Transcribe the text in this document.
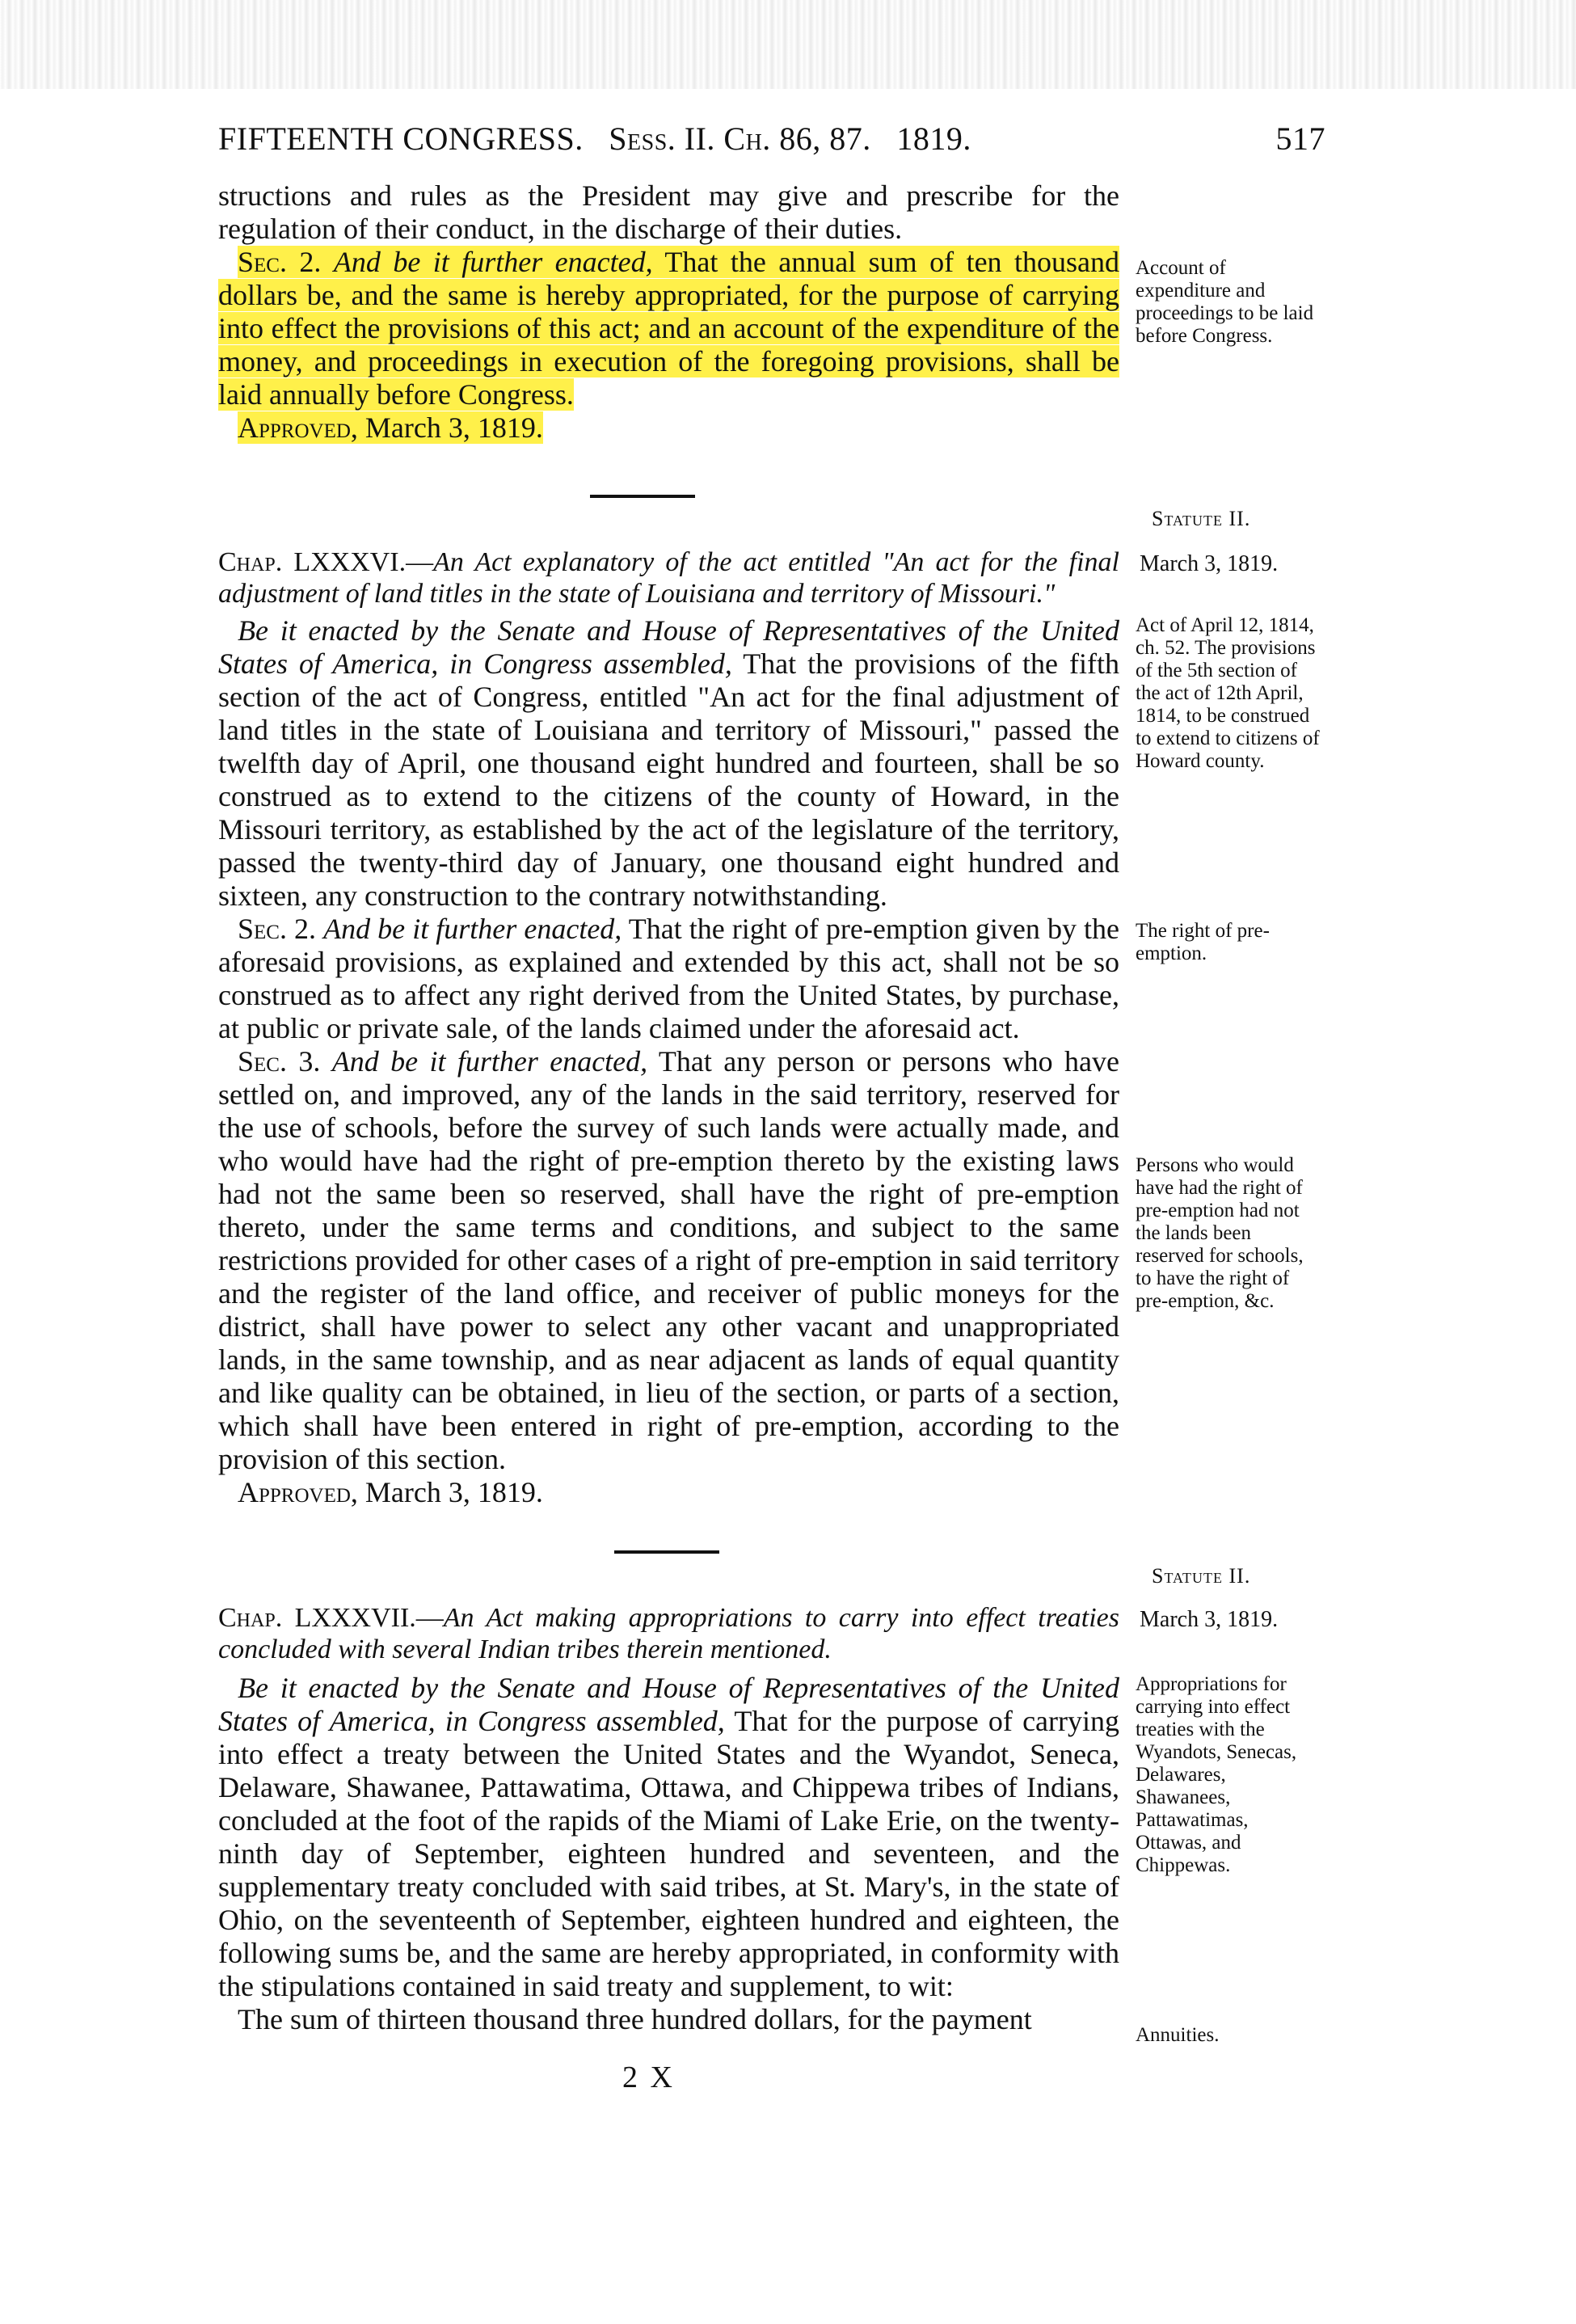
FIFTEENTH CONGRESS. Sess. II. Ch. 86, 87. 1819.	517

structions and rules as the President may give and prescribe for the regulation of their conduct, in the discharge of their duties.

Sec. 2. And be it further enacted, That the annual sum of ten thousand dollars be, and the same is hereby appropriated, for the purpose of carrying into effect the provisions of this act; and an account of the expenditure of the money, and proceedings in execution of the foregoing provisions, shall be laid annually before Congress.

Approved, March 3, 1819.

Account of expenditure and proceedings to be laid before Congress.
Statute II.
Chap. LXXXVI.—An Act explanatory of the act entitled "An act for the final adjustment of land titles in the state of Louisiana and territory of Missouri."
March 3, 1819.

Be it enacted by the Senate and House of Representatives of the United States of America, in Congress assembled, That the provisions of the fifth section of the act of Congress, entitled "An act for the final adjustment of land titles in the state of Louisiana and territory of Missouri," passed the twelfth day of April, one thousand eight hundred and fourteen, shall be so construed as to extend to the citizens of the county of Howard, in the Missouri territory, as established by the act of the legislature of the territory, passed the twenty-third day of January, one thousand eight hundred and sixteen, any construction to the contrary notwithstanding.

Sec. 2. And be it further enacted, That the right of pre-emption given by the aforesaid provisions, as explained and extended by this act, shall not be so construed as to affect any right derived from the United States, by purchase, at public or private sale, of the lands claimed under the aforesaid act.

Sec. 3. And be it further enacted, That any person or persons who have settled on, and improved, any of the lands in the said territory, reserved for the use of schools, before the survey of such lands were actually made, and who would have had the right of pre-emption thereto by the existing laws had not the same been so reserved, shall have the right of pre-emption thereto, under the same terms and conditions, and subject to the same restrictions provided for other cases of a right of pre-emption in said territory and the register of the land office, and receiver of public moneys for the district, shall have power to select any other vacant and unappropriated lands, in the same township, and as near adjacent as lands of equal quantity and like quality can be obtained, in lieu of the section, or parts of a section, which shall have been entered in right of pre-emption, according to the provision of this section.

Approved, March 3, 1819.

Act of April 12, 1814, ch. 52. The provisions of the 5th section of the act of 12th April, 1814, to be construed to extend to citizens of Howard county.
The right of pre-emption.
Persons who would have had the right of pre-emption had not the lands been reserved for schools, to have the right of pre-emption, &c.
Statute II.
Chap. LXXXVII.—An Act making appropriations to carry into effect treaties concluded with several Indian tribes therein mentioned.
March 3, 1819.

Be it enacted by the Senate and House of Representatives of the United States of America, in Congress assembled, That for the purpose of carrying into effect a treaty between the United States and the Wyandot, Seneca, Delaware, Shawanee, Pattawatima, Ottawa, and Chippewa tribes of Indians, concluded at the foot of the rapids of the Miami of Lake Erie, on the twenty-ninth day of September, eighteen hundred and seventeen, and the supplementary treaty concluded with said tribes, at St. Mary's, in the state of Ohio, on the seventeenth of September, eighteen hundred and eighteen, the following sums be, and the same are hereby appropriated, in conformity with the stipulations contained in said treaty and supplement, to wit:

The sum of thirteen thousand three hundred dollars, for the payment

Appropriations for carrying into effect treaties with the Wyandots, Senecas, Delawares, Shawanees, Pattawatimas, Ottawas, and Chippewas.
Annuities.
2 X
